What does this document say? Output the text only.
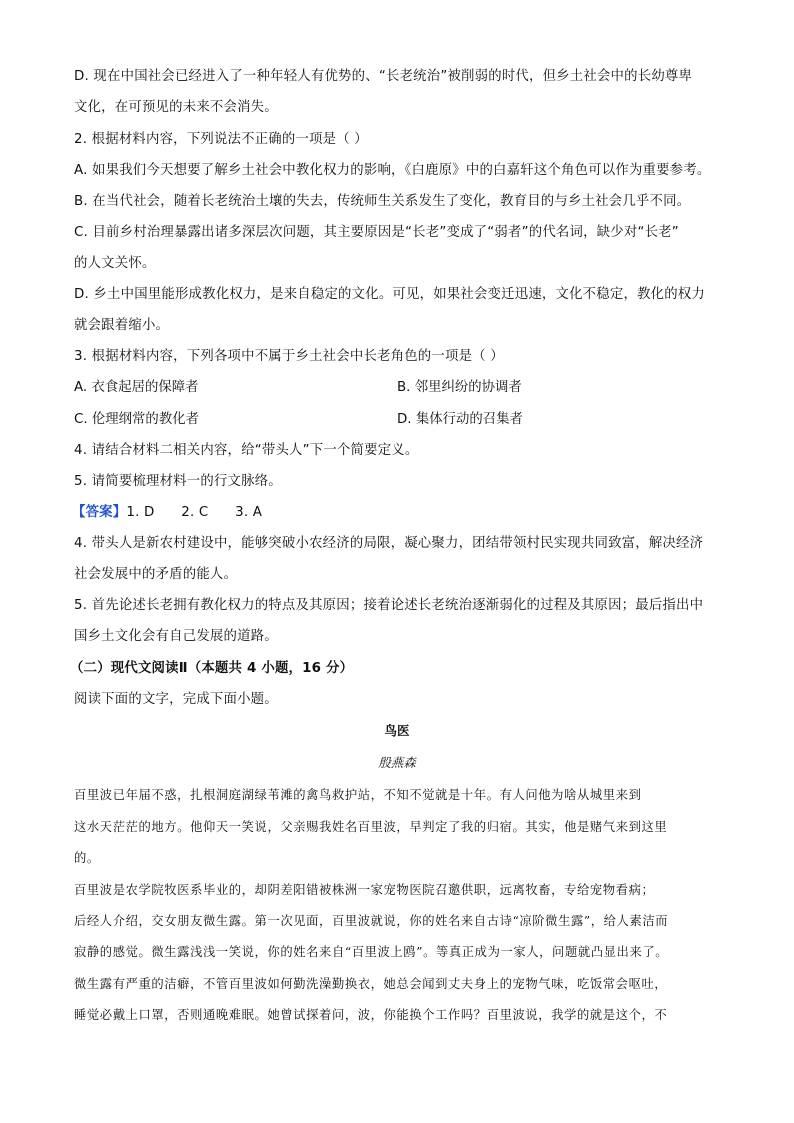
D. 现在中国社会已经进入了一种年轻人有优势的、“长老统治”被削弱的时代，但乡土社会中的长幼尊卑
文化，在可预见的未来不会消失。
2. 根据材料内容，下列说法不正确的一项是（ ）
A. 如果我们今天想要了解乡土社会中教化权力的影响，《白鹿原》中的白嘉轩这个角色可以作为重要参考。
B. 在当代社会，随着长老统治土壤的失去，传统师生关系发生了变化，教育目的与乡土社会几乎不同。
C. 目前乡村治理暴露出诸多深层次问题，其主要原因是“长老”变成了“弱者”的代名词，缺少对“长老”
的人文关怀。
D. 乡土中国里能形成教化权力，是来自稳定的文化。可见，如果社会变迁迅速，文化不稳定，教化的权力
就会跟着缩小。
3. 根据材料内容，下列各项中不属于乡土社会中长老角色的一项是（ ）
A. 衣食起居的保障者	B. 邻里纠纷的协调者
C. 伦理纲常的教化者	D. 集体行动的召集者
4. 请结合材料二相关内容，给“带头人”下一个简要定义。
5. 请简要梳理材料一的行文脉络。
【答案】1. D      2. C      3. A
4. 带头人是新农村建设中，能够突破小农经济的局限，凝心聚力，团结带领村民实现共同致富，解决经济
社会发展中的矛盾的能人。
5. 首先论述长老拥有教化权力的特点及其原因；接着论述长老统治逐渐弱化的过程及其原因；最后指出中
国乡土文化会有自己发展的道路。
（二）现代文阅读Ⅱ（本题共 4 小题，16 分）
阅读下面的文字，完成下面小题。
鸟医
殷燕森
百里波已年届不惑，扎根洞庭湖绿苇滩的禽鸟救护站，不知不觉就是十年。有人问他为啥从城里来到
这水天茫茫的地方。他仰天一笑说，父亲赐我姓名百里波，早判定了我的归宿。其实，他是赌气来到这里
的。
百里波是农学院牧医系毕业的，却阴差阳错被株洲一家宠物医院召邀供职，远离牧畜，专给宠物看病；
后经人介绍，交女朋友微生露。第一次见面，百里波就说，你的姓名来自古诗“凉阶微生露”，给人素洁而
寂静的感觉。微生露浅浅一笑说，你的姓名来自“百里波上鸥”。等真正成为一家人，问题就凸显出来了。
微生露有严重的洁癖，不管百里波如何勤洗澡勤换衣，她总会闻到丈夫身上的宠物气味，吃饭常会呕吐，
睡觉必戴上口罩，否则通晚难眠。她曾试探着问，波，你能换个工作吗？百里波说，我学的就是这个，不
